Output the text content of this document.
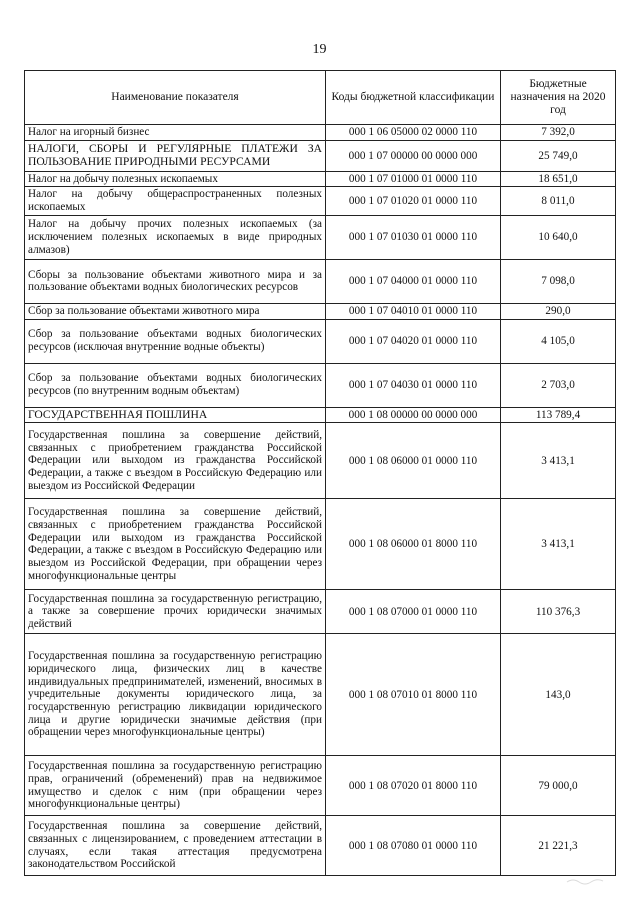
19
Наименование показателя	Коды бюджетной классификации	Бюджетные назначения на 2020 год
Налог на игорный бизнес	000 1 06 05000 02 0000 110	7 392,0
НАЛОГИ, СБОРЫ И РЕГУЛЯРНЫЕ ПЛАТЕЖИ ЗА ПОЛЬЗОВАНИЕ ПРИРОДНЫМИ РЕСУРСАМИ	000 1 07 00000 00 0000 000	25 749,0
Налог на добычу полезных ископаемых	000 1 07 01000 01 0000 110	18 651,0
Налог на добычу общераспространенных полезных ископаемых	000 1 07 01020 01 0000 110	8 011,0
Налог на добычу прочих полезных ископаемых (за исключением полезных ископаемых в виде природных алмазов)	000 1 07 01030 01 0000 110	10 640,0
Сборы за пользование объектами животного мира и за пользование объектами водных биологических ресурсов	000 1 07 04000 01 0000 110	7 098,0
Сбор за пользование объектами животного мира	000 1 07 04010 01 0000 110	290,0
Сбор за пользование объектами водных биологических ресурсов (исключая внутренние водные объекты)	000 1 07 04020 01 0000 110	4 105,0
Сбор за пользование объектами водных биологических ресурсов (по внутренним водным объектам)	000 1 07 04030 01 0000 110	2 703,0
ГОСУДАРСТВЕННАЯ ПОШЛИНА	000 1 08 00000 00 0000 000	113 789,4
Государственная пошлина за совершение действий, связанных с приобретением гражданства Российской Федерации или выходом из гражданства Российской Федерации, а также с въездом в Российскую Федерацию или выездом из Российской Федерации	000 1 08 06000 01 0000 110	3 413,1
Государственная пошлина за совершение действий, связанных с приобретением гражданства Российской Федерации или выходом из гражданства Российской Федерации, а также с въездом в Российскую Федерацию или выездом из Российской Федерации, при обращении через многофункциональные центры	000 1 08 06000 01 8000 110	3 413,1
Государственная пошлина за государственную регистрацию, а также за совершение прочих юридически значимых действий	000 1 08 07000 01 0000 110	110 376,3
Государственная пошлина за государственную регистрацию юридического лица, физических лиц в качестве индивидуальных предпринимателей, изменений, вносимых в учредительные документы юридического лица, за государственную регистрацию ликвидации юридического лица и другие юридически значимые действия (при обращении через многофункциональные центры)	000 1 08 07010 01 8000 110	143,0
Государственная пошлина за государственную регистрацию прав, ограничений (обременений) прав на недвижимое имущество и сделок с ним (при обращении через многофункциональные центры)	000 1 08 07020 01 8000 110	79 000,0
Государственная пошлина за совершение действий, связанных с лицензированием, с проведением аттестации в случаях, если такая аттестация предусмотрена законодательством Российской	000 1 08 07080 01 0000 110	21 221,3
